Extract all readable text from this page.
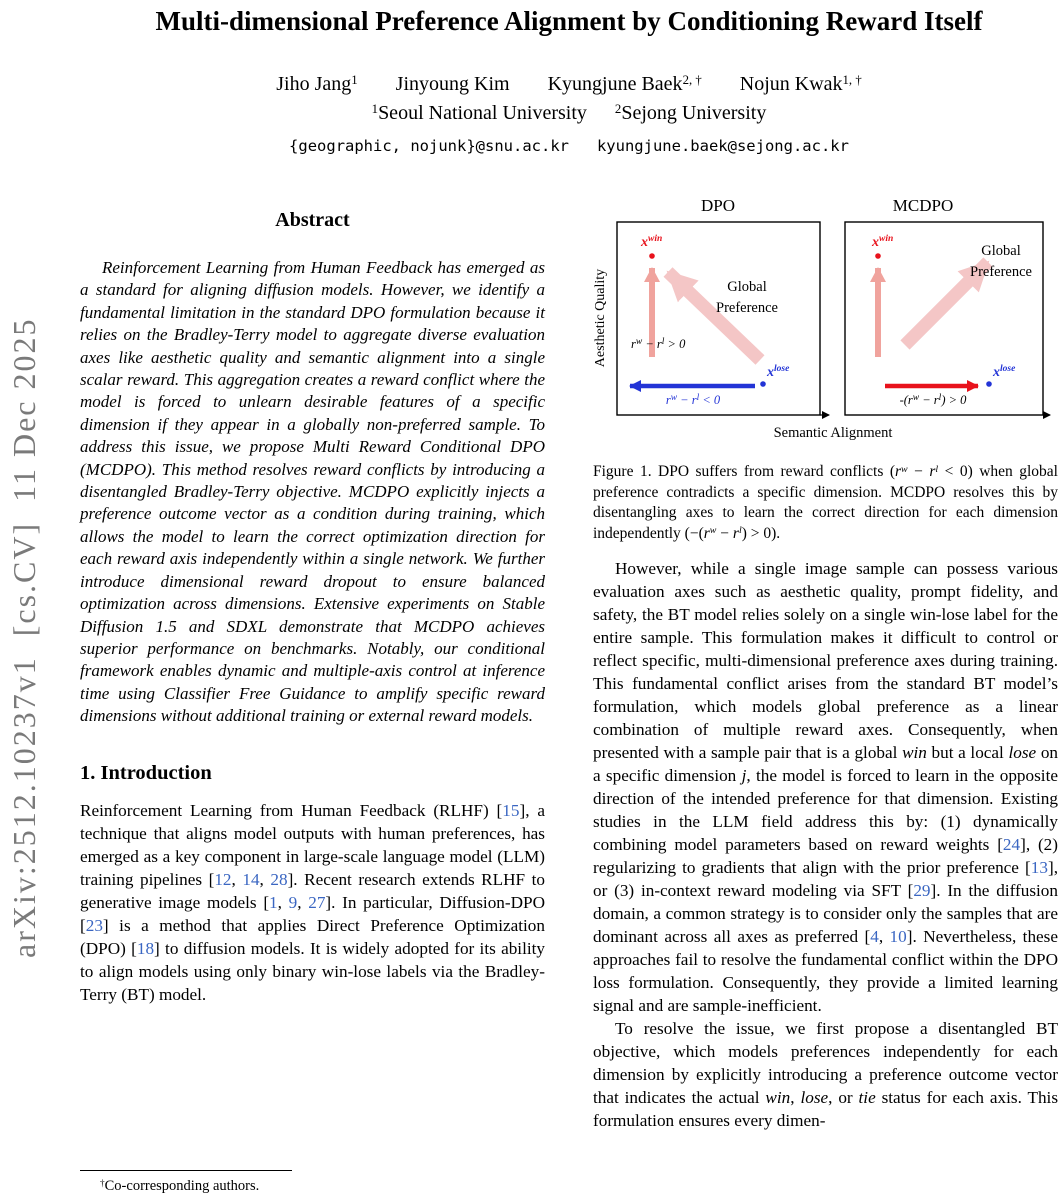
arXiv:2512.10237v1  [cs.CV]  11 Dec 2025
Multi-dimensional Preference Alignment by Conditioning Reward Itself
Jiho Jang$^1$ Jinyoung Kim Kyungjune Baek$^{2, \dagger}$ Nojun Kwak$^{1, \dagger}$
$^1$Seoul National University $^2$Sejong University
{geographic, nojunk}@snu.ac.kr   kyungjune.baek@sejong.ac.kr
Abstract

Reinforcement Learning from Human Feedback has emerged as a standard for aligning diffusion models. However, we identify a fundamental limitation in the standard DPO formulation because it relies on the Bradley-Terry model to aggregate diverse evaluation axes like aesthetic quality and semantic alignment into a single scalar reward. This aggregation creates a reward conflict where the model is forced to unlearn desirable features of a specific dimension if they appear in a globally non-preferred sample. To address this issue, we propose Multi Reward Conditional DPO (MCDPO). This method resolves reward conflicts by introducing a disentangled Bradley-Terry objective. MCDPO explicitly injects a preference outcome vector as a condition during training, which allows the model to learn the correct optimization direction for each reward axis independently within a single network. We further introduce dimensional reward dropout to ensure balanced optimization across dimensions. Extensive experiments on Stable Diffusion 1.5 and SDXL demonstrate that MCDPO achieves superior performance on benchmarks. Notably, our conditional framework enables dynamic and multiple-axis control at inference time using Classifier Free Guidance to amplify specific reward dimensions without additional training or external reward models.

1. Introduction

Reinforcement Learning from Human Feedback (RLHF) [15], a technique that aligns model outputs with human preferences, has emerged as a key component in large-scale language model (LLM) training pipelines [12, 14, 28]. Recent research extends RLHF to generative image models [1, 9, 27]. In particular, Diffusion-DPO [23] is a method that applies Direct Preference Optimization (DPO) [18] to diffusion models. It is widely adopted for its ability to align models using only binary win-lose labels via the Bradley-Terry (BT) model.

DPO
Aesthetic Quality
$x^{win}$
Global
Preference
$r^w - r^l > 0$
$x^{lose}$
$r^w - r^l < 0$
MCDPO
$x^{win}$
Global
Preference
$x^{lose}$
$-(r^w - r^l) > 0$
Semantic Alignment

Figure 1. DPO suffers from reward conflicts $(r^w - r^l < 0)$ when global preference contradicts a specific dimension. MCDPO resolves this by disentangling axes to learn the correct direction for each dimension independently $(-(r^w - r^l) > 0)$.

However, while a single image sample can possess various evaluation axes such as aesthetic quality, prompt fidelity, and safety, the BT model relies solely on a single win-lose label for the entire sample. This formulation makes it difficult to control or reflect specific, multi-dimensional preference axes during training. This fundamental conflict arises from the standard BT model’s formulation, which models global preference as a linear combination of multiple reward axes. Consequently, when presented with a sample pair that is a global win but a local lose on a specific dimension j, the model is forced to learn in the opposite direction of the intended preference for that dimension. Existing studies in the LLM field address this by: (1) dynamically combining model parameters based on reward weights [24], (2) regularizing to gradients that align with the prior preference [13], or (3) in-context reward modeling via SFT [29]. In the diffusion domain, a common strategy is to consider only the samples that are dominant across all axes as preferred [4, 10]. Nevertheless, these approaches fail to resolve the fundamental conflict within the DPO loss formulation. Consequently, they provide a limited learning signal and are sample-inefficient.

To resolve the issue, we first propose a disentangled BT objective, which models preferences independently for each dimension by explicitly introducing a preference outcome vector that indicates the actual win, lose, or tie status for each axis. This formulation ensures every dimen-

†Co-corresponding authors.
